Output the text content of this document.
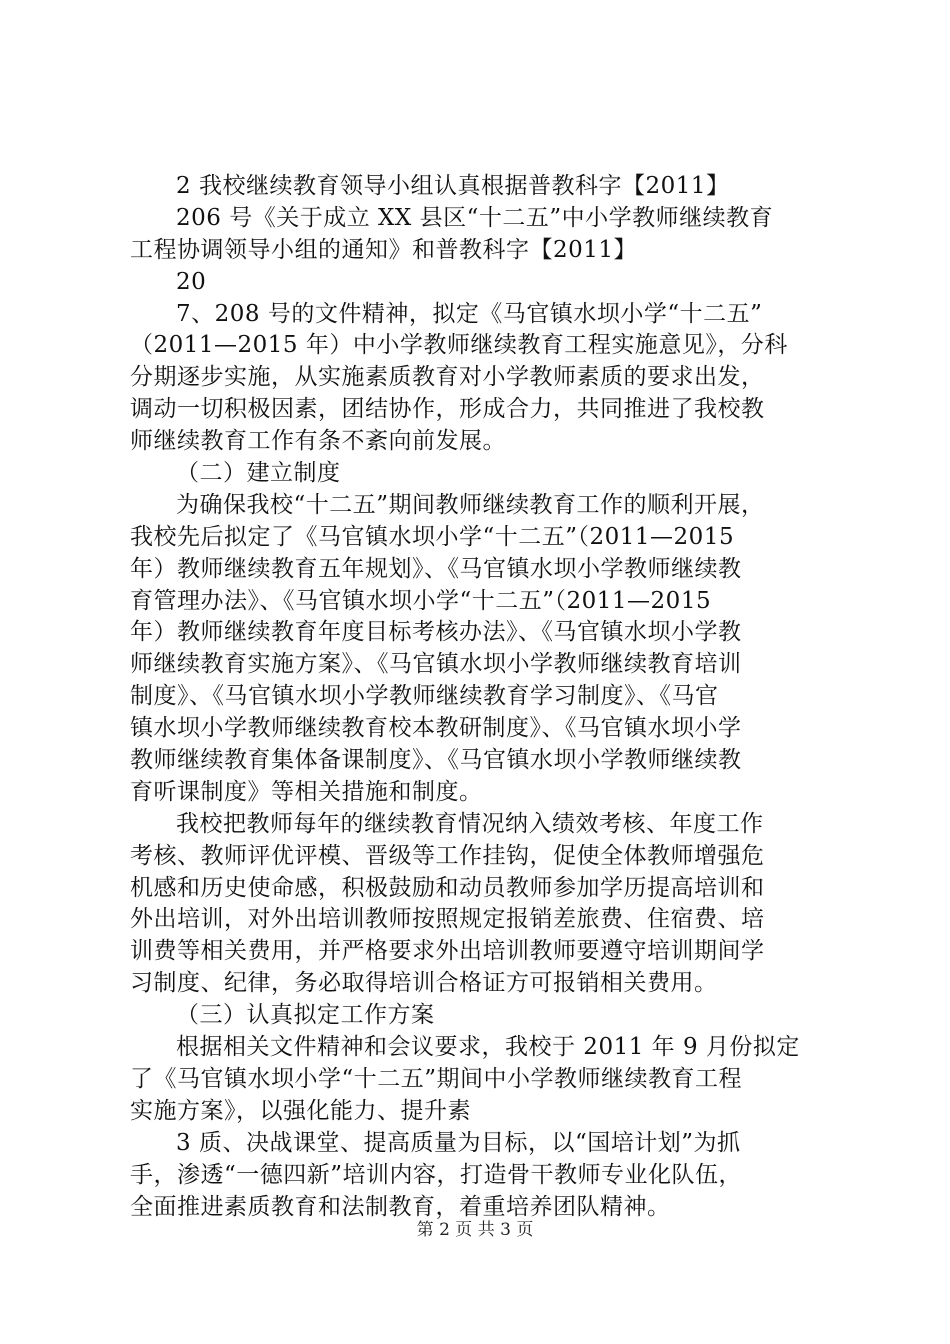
2 我校继续教育领导小组认真根据普教科字【2011】
206 号《关于成立 XX 县区“十二五”中小学教师继续教育
工程协调领导小组的通知》和普教科字【2011】
20
7、208 号的文件精神，拟定《马官镇水坝小学“十二五”
（2011—2015 年）中小学教师继续教育工程实施意见》，分科
分期逐步实施，从实施素质教育对小学教师素质的要求出发，
调动一切积极因素，团结协作，形成合力，共同推进了我校教
师继续教育工作有条不紊向前发展。
（二）建立制度
为确保我校“十二五”期间教师继续教育工作的顺利开展，
我校先后拟定了《马官镇水坝小学“十二五”（2011—2015
年）教师继续教育五年规划》、《马官镇水坝小学教师继续教
育管理办法》、《马官镇水坝小学“十二五”（2011—2015
年）教师继续教育年度目标考核办法》、《马官镇水坝小学教
师继续教育实施方案》、《马官镇水坝小学教师继续教育培训
制度》、《马官镇水坝小学教师继续教育学习制度》、《马官
镇水坝小学教师继续教育校本教研制度》、《马官镇水坝小学
教师继续教育集体备课制度》、《马官镇水坝小学教师继续教
育听课制度》等相关措施和制度。
我校把教师每年的继续教育情况纳入绩效考核、年度工作
考核、教师评优评模、晋级等工作挂钩，促使全体教师增强危
机感和历史使命感，积极鼓励和动员教师参加学历提高培训和
外出培训，对外出培训教师按照规定报销差旅费、住宿费、培
训费等相关费用，并严格要求外出培训教师要遵守培训期间学
习制度、纪律，务必取得培训合格证方可报销相关费用。
（三）认真拟定工作方案
根据相关文件精神和会议要求，我校于 2011 年 9 月份拟定
了《马官镇水坝小学“十二五”期间中小学教师继续教育工程
实施方案》，以强化能力、提升素
3 质、决战课堂、提高质量为目标，以“国培计划”为抓
手，渗透“一德四新”培训内容，打造骨干教师专业化队伍，
全面推进素质教育和法制教育，着重培养团队精神。
第 2 页 共 3 页
